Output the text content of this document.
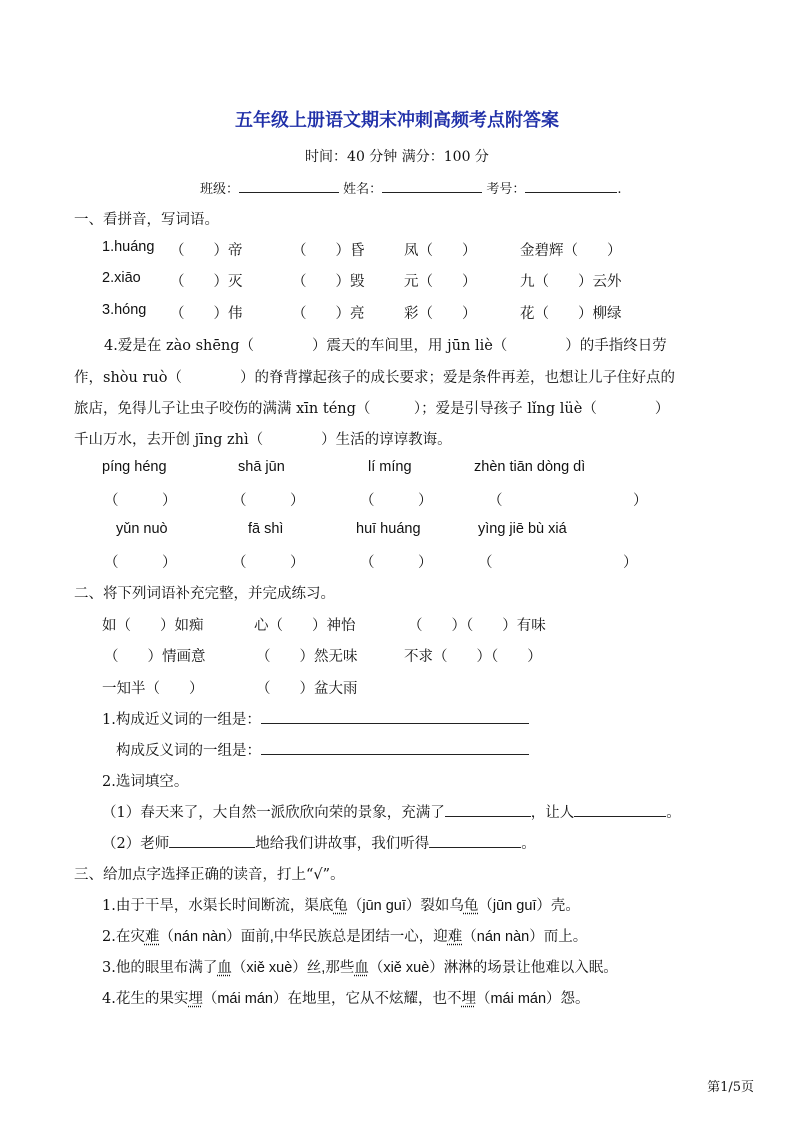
五年级上册语文期末冲刺高频考点附答案
时间：40 分钟 满分：100 分
班级：	姓名：	考号：	.
一、看拼音，写词语。
1.huáng （　　）帝	（　　）昏	凤（　　）	金碧辉（　　）
2.xiāo （　　）灭	（　　）毁	元（　　）	九（　　）云外
3.hóng （　　）伟	（　　）亮	彩（　　）	花（　　）柳绿
4.爱是在 zào shēng（　　　　）震天的车间里，用 jūn liè（　　　　）的手指终日劳
作，shòu ruò（　　　　）的脊背撑起孩子的成长要求；爱是条件再差，也想让儿子住好点的
旅店，免得儿子让虫子咬伤的满满 xīn téng（　　　）；爱是引导孩子 lǐng lüè（　　　　）
千山万水，去开创 jīng zhì（　　　　）生活的谆谆教诲。
píng héng	shā jūn	lí míng	zhèn tiān dòng dì
（　　　）	（　　　）	（　　　）	（　　　　　　　　　）
yǔn nuò	fā shì	huī huáng	yìng jiē bù xiá
（　　　）	（　　　）	（　　　）	（　　　　　　　　　）
二、将下列词语补充完整，并完成练习。
如（　　）如痴	心（　　）神怡	（　　）（　　）有味
（　　）情画意	（　　）然无味	不求（　　）（　　）
一知半（　　）	（　　）盆大雨
1.构成近义词的一组是：
构成反义词的一组是：
2.选词填空。
（1）春天来了，大自然一派欣欣向荣的景象，充满了	，让人	。
（2）老师	地给我们讲故事，我们听得	。
三、给加点字选择正确的读音，打上“√”。
1.由于干旱，水渠长时间断流，渠底龟（jūn guī）裂如乌龟（jūn guī）壳。
2.在灾难（nán nàn）面前,中华民族总是团结一心，迎难（nán nàn）而上。
3.他的眼里布满了血（xiě xuè）丝,那些血（xiě xuè）淋淋的场景让他难以入眠。
4.花生的果实埋（mái mán）在地里，它从不炫耀，也不埋（mái mán）怨。
第1/5页
